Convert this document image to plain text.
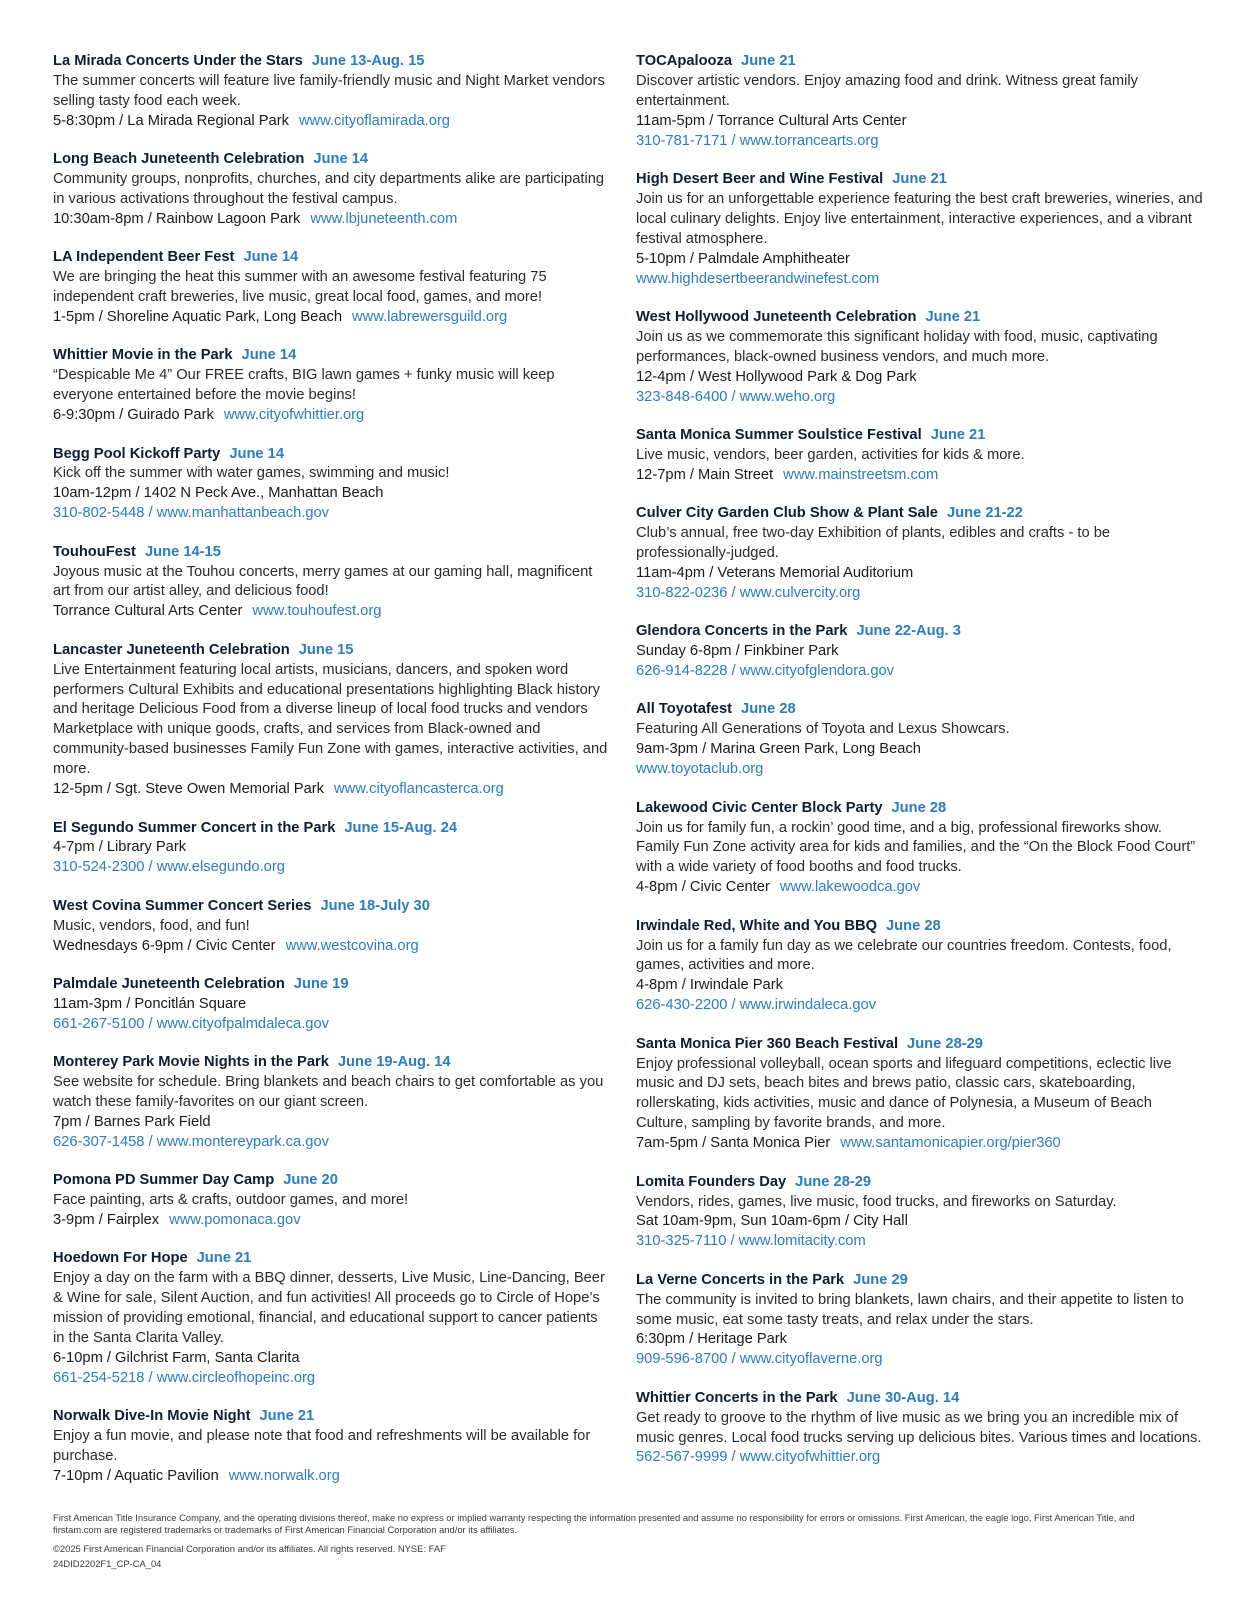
La Mirada Concerts Under the Stars June 13-Aug. 15
The summer concerts will feature live family-friendly music and Night Market vendors selling tasty food each week.
5-8:30pm / La Mirada Regional Park www.cityoflamirada.org
Long Beach Juneteenth Celebration June 14
Community groups, nonprofits, churches, and city departments alike are participating in various activations throughout the festival campus.
10:30am-8pm / Rainbow Lagoon Park www.lbjuneteenth.com
LA Independent Beer Fest June 14
We are bringing the heat this summer with an awesome festival featuring 75 independent craft breweries, live music, great local food, games, and more!
1-5pm / Shoreline Aquatic Park, Long Beach www.labrewersguild.org
Whittier Movie in the Park June 14
“Despicable Me 4” Our FREE crafts, BIG lawn games + funky music will keep everyone entertained before the movie begins!
6-9:30pm / Guirado Park www.cityofwhittier.org
Begg Pool Kickoff Party June 14
Kick off the summer with water games, swimming and music!
10am-12pm / 1402 N Peck Ave., Manhattan Beach
310-802-5448 / www.manhattanbeach.gov
TouhouFest June 14-15
Joyous music at the Touhou concerts, merry games at our gaming hall, magnificent art from our artist alley, and delicious food!
Torrance Cultural Arts Center www.touhoufest.org
Lancaster Juneteenth Celebration June 15
Live Entertainment featuring local artists, musicians, dancers, and spoken word performers Cultural Exhibits and educational presentations highlighting Black history and heritage Delicious Food from a diverse lineup of local food trucks and vendors Marketplace with unique goods, crafts, and services from Black-owned and community-based businesses Family Fun Zone with games, interactive activities, and more.
12-5pm / Sgt. Steve Owen Memorial Park www.cityoflancasterca.org
El Segundo Summer Concert in the Park June 15-Aug. 24
4-7pm / Library Park
310-524-2300 / www.elsegundo.org
West Covina Summer Concert Series June 18-July 30
Music, vendors, food, and fun!
Wednesdays 6-9pm / Civic Center www.westcovina.org
Palmdale Juneteenth Celebration June 19
11am-3pm / Poncitlán Square
661-267-5100 / www.cityofpalmdaleca.gov
Monterey Park Movie Nights in the Park June 19-Aug. 14
See website for schedule. Bring blankets and beach chairs to get comfortable as you watch these family-favorites on our giant screen.
7pm / Barnes Park Field
626-307-1458 / www.montereypark.ca.gov
Pomona PD Summer Day Camp June 20
Face painting, arts & crafts, outdoor games, and more!
3-9pm / Fairplex www.pomonaca.gov
Hoedown For Hope June 21
Enjoy a day on the farm with a BBQ dinner, desserts, Live Music, Line-Dancing, Beer & Wine for sale, Silent Auction, and fun activities! All proceeds go to Circle of Hope’s mission of providing emotional, financial, and educational support to cancer patients in the Santa Clarita Valley.
6-10pm / Gilchrist Farm, Santa Clarita
661-254-5218 / www.circleofhopeinc.org
Norwalk Dive-In Movie Night June 21
Enjoy a fun movie, and please note that food and refreshments will be available for purchase.
7-10pm / Aquatic Pavilion www.norwalk.org
TOCApalooza June 21
Discover artistic vendors. Enjoy amazing food and drink. Witness great family entertainment.
11am-5pm / Torrance Cultural Arts Center
310-781-7171 / www.torrancearts.org
High Desert Beer and Wine Festival June 21
Join us for an unforgettable experience featuring the best craft breweries, wineries, and local culinary delights. Enjoy live entertainment, interactive experiences, and a vibrant festival atmosphere.
5-10pm / Palmdale Amphitheater
www.highdesertbeerandwinefest.com
West Hollywood Juneteenth Celebration June 21
Join us as we commemorate this significant holiday with food, music, captivating performances, black-owned business vendors, and much more.
12-4pm / West Hollywood Park & Dog Park
323-848-6400 / www.weho.org
Santa Monica Summer Soulstice Festival June 21
Live music, vendors, beer garden, activities for kids & more.
12-7pm / Main Street www.mainstreetsm.com
Culver City Garden Club Show & Plant Sale June 21-22
Club’s annual, free two-day Exhibition of plants, edibles and crafts - to be professionally-judged.
11am-4pm / Veterans Memorial Auditorium
310-822-0236 / www.culvercity.org
Glendora Concerts in the Park June 22-Aug. 3
Sunday 6-8pm / Finkbiner Park
626-914-8228 / www.cityofglendora.gov
All Toyotafest June 28
Featuring All Generations of Toyota and Lexus Showcars.
9am-3pm / Marina Green Park, Long Beach
www.toyotaclub.org
Lakewood Civic Center Block Party June 28
Join us for family fun, a rockin’ good time, and a big, professional fireworks show. Family Fun Zone activity area for kids and families, and the “On the Block Food Court” with a wide variety of food booths and food trucks.
4-8pm / Civic Center www.lakewoodca.gov
Irwindale Red, White and You BBQ June 28
Join us for a family fun day as we celebrate our countries freedom. Contests, food, games, activities and more.
4-8pm / Irwindale Park
626-430-2200 / www.irwindaleca.gov
Santa Monica Pier 360 Beach Festival June 28-29
Enjoy professional volleyball, ocean sports and lifeguard competitions, eclectic live music and DJ sets, beach bites and brews patio, classic cars, skateboarding, rollerskating, kids activities, music and dance of Polynesia, a Museum of Beach Culture, sampling by favorite brands, and more.
7am-5pm / Santa Monica Pier www.santamonicapier.org/pier360
Lomita Founders Day June 28-29
Vendors, rides, games, live music, food trucks, and fireworks on Saturday.
Sat 10am-9pm, Sun 10am-6pm / City Hall
310-325-7110 / www.lomitacity.com
La Verne Concerts in the Park June 29
The community is invited to bring blankets, lawn chairs, and their appetite to listen to some music, eat some tasty treats, and relax under the stars.
6:30pm / Heritage Park
909-596-8700 / www.cityoflaverne.org
Whittier Concerts in the Park June 30-Aug. 14
Get ready to groove to the rhythm of live music as we bring you an incredible mix of music genres. Local food trucks serving up delicious bites. Various times and locations.
562-567-9999 / www.cityofwhittier.org
First American Title Insurance Company, and the operating divisions thereof, make no express or implied warranty respecting the information presented and assume no responsibility for errors or omissions. First American, the eagle logo, First American Title, and firstam.com are registered trademarks or trademarks of First American Financial Corporation and/or its affiliates.
©2025 First American Financial Corporation and/or its affiliates. All rights reserved. NYSE: FAF
24DID2202F1_CP-CA_04
